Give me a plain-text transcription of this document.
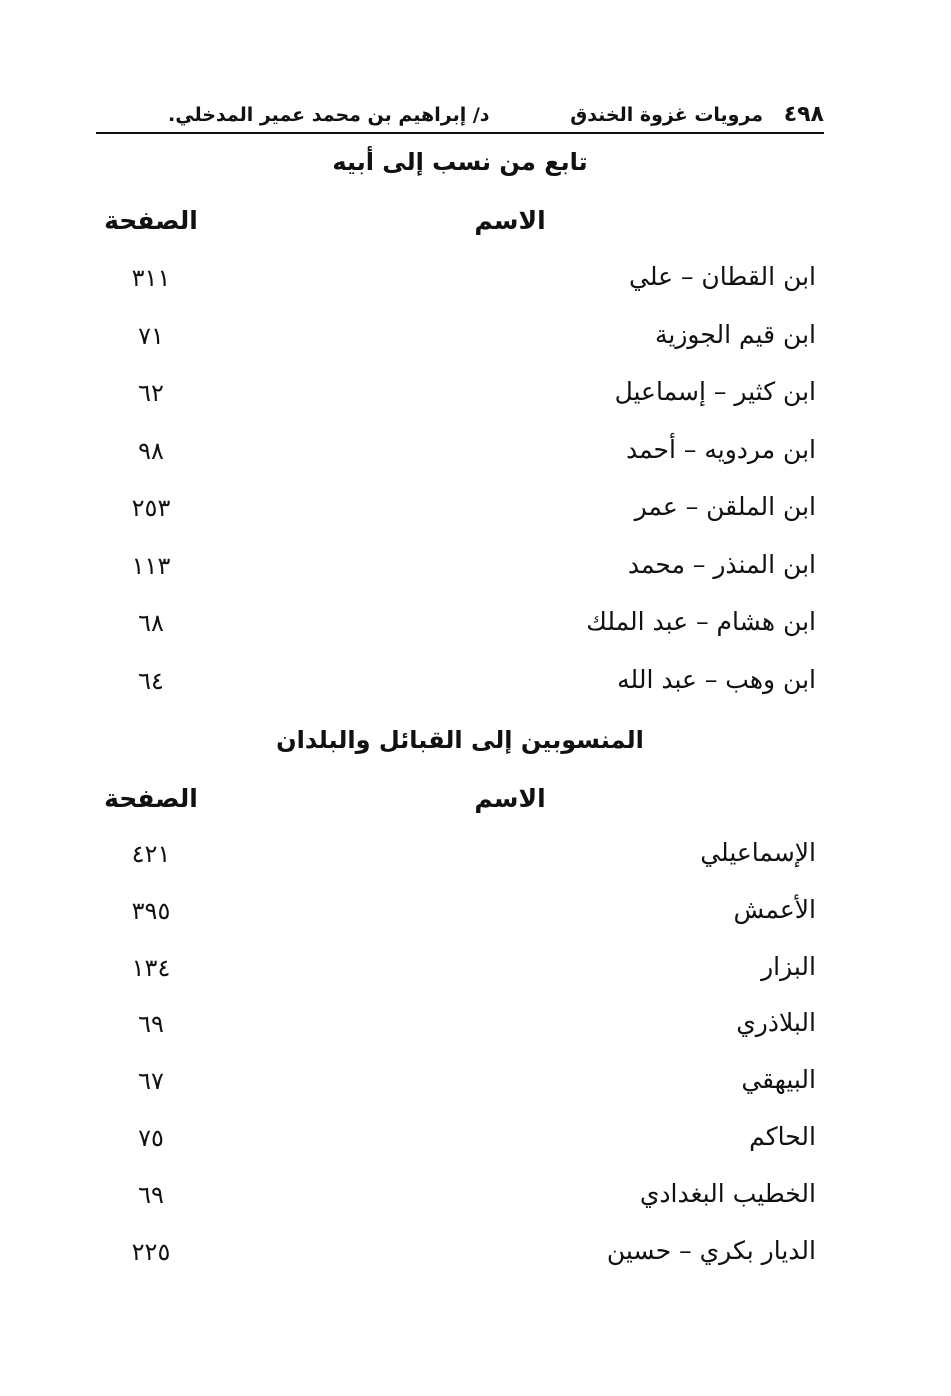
٤٩٨ مرويات غزوة الخندق
د/ إبراهيم بن محمد عمير المدخلي.
تابع من نسب إلى أبيه
الاسم
الصفحة
ابن القطان – علي
٣١١
ابن قيم الجوزية
٧١
ابن كثير – إسماعيل
٦٢
ابن مردويه – أحمد
٩٨
ابن الملقن – عمر
٢٥٣
ابن المنذر – محمد
١١٣
ابن هشام – عبد الملك
٦٨
ابن وهب – عبد الله
٦٤
المنسوبين إلى القبائل والبلدان
الاسم
الصفحة
الإسماعيلي
٤٢١
الأعمش
٣٩٥
البزار
١٣٤
البلاذري
٦٩
البيهقي
٦٧
الحاكم
٧٥
الخطيب البغدادي
٦٩
الديار بكري – حسين
٢٢٥
